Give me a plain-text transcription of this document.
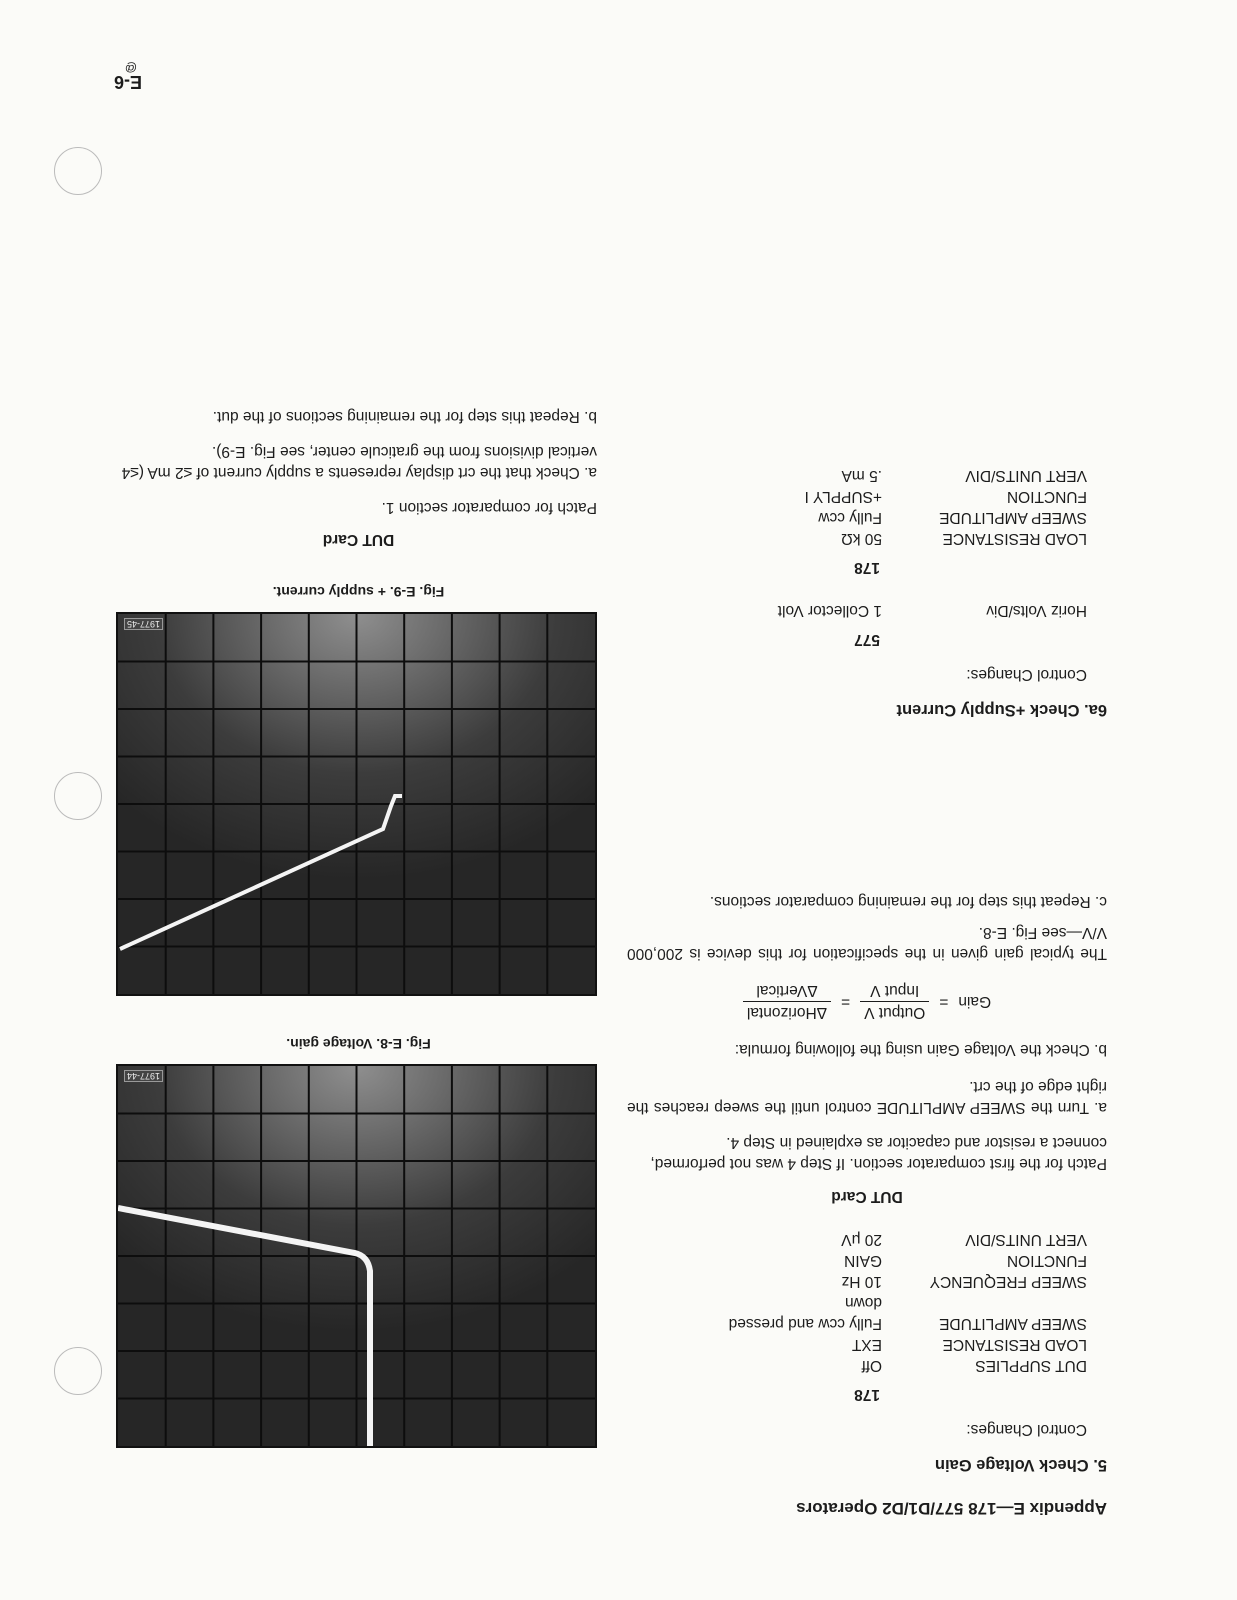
Appendix E—178 577/D1/D2 Operators
E-6
@
5. Check Voltage Gain
Control Changes:
178
DUT SUPPLIES	Off
LOAD RESISTANCE	EXT
SWEEP AMPLITUDE	Fully ccw and pressed
	down
SWEEP FREQUENCY	10 Hz
FUNCTION	GAIN
VERT UNITS/DIV	20 μV
DUT Card
Patch for the first comparator section. If Step 4 was not performed, connect a resistor and capacitor as explained in Step 4.
a. Turn the SWEEP AMPLITUDE control until the sweep reaches the right edge of the crt.
b. Check the Voltage Gain using the following formula:
Gain
=
Output V
Input V
=
ΔHorizontal
ΔVertical
The typical gain given in the specification for this device is 200,000 V/V—see Fig. E-8.
c. Repeat this step for the remaining comparator sections.
6a. Check +Supply Current
Control Changes:
577
Horiz Volts/Div	1 Collector Volt
178
LOAD RESISTANCE	50 kΩ
SWEEP AMPLITUDE	Fully ccw
FUNCTION	+SUPPLY I
VERT UNITS/DIV	.5 mA
1977-44
Fig. E-8. Voltage gain.
1977-45
Fig. E-9. + supply current.
DUT Card
Patch for comparator section 1.
a. Check that the crt display represents a supply current of ≤2 mA (≤4 vertical divisions from the graticule center, see Fig. E-9).
b. Repeat this step for the remaining sections of the dut.
